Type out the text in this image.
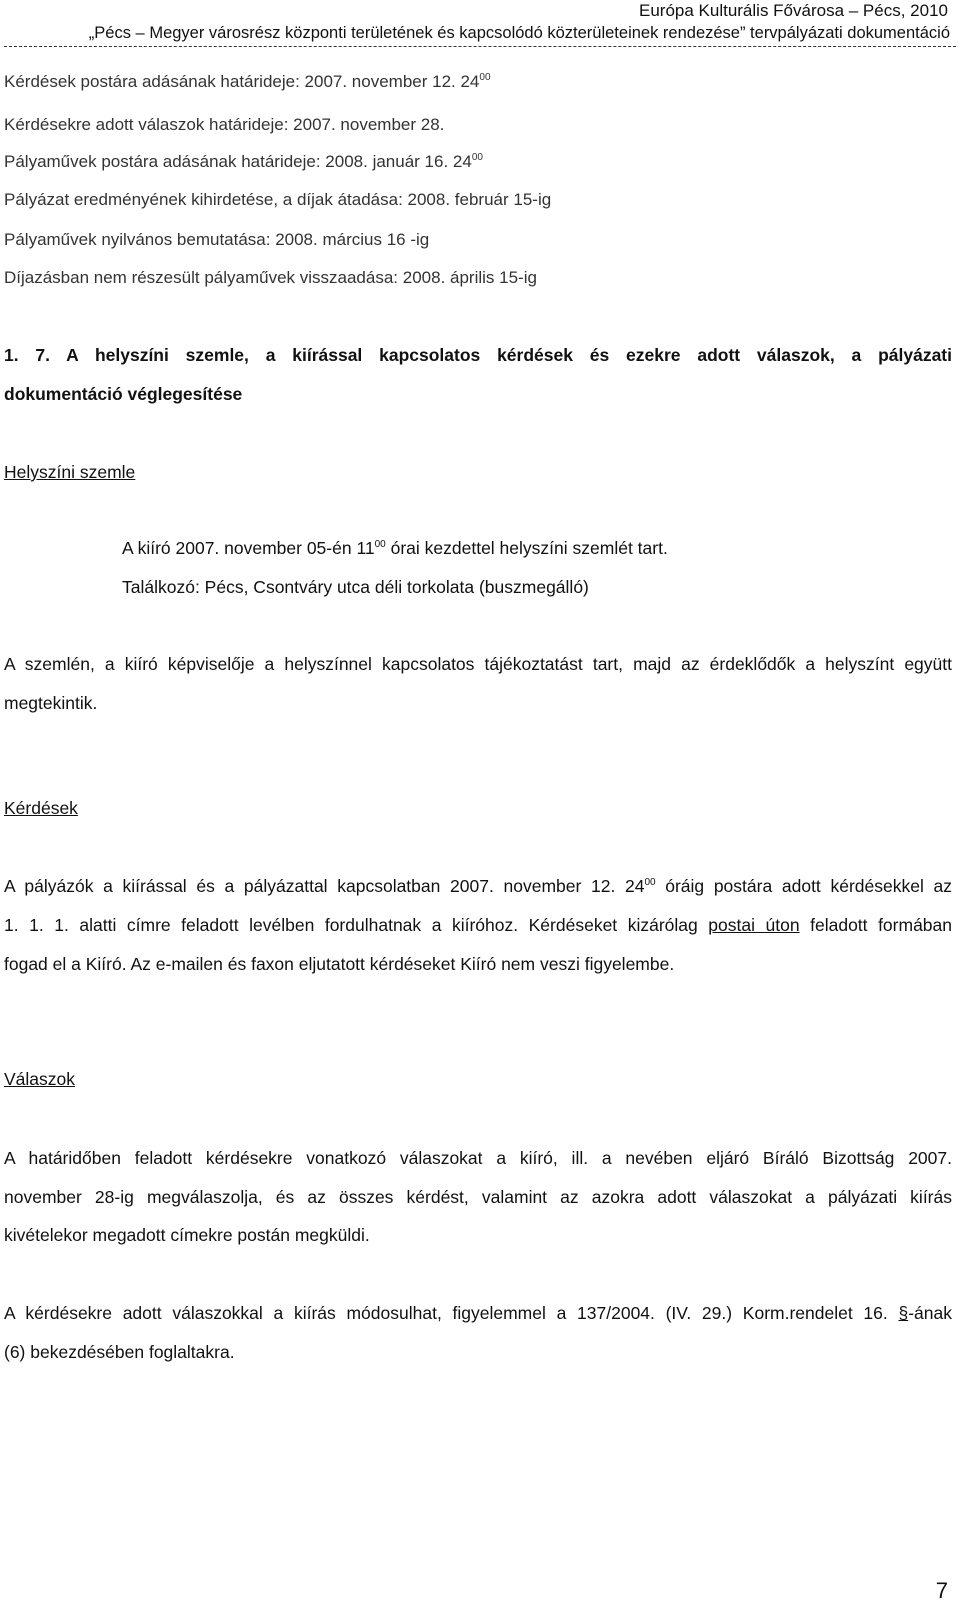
Európa Kulturális Fővárosa – Pécs, 2010
„Pécs – Megyer városrész központi területének és kapcsolódó közterületeinek rendezése” tervpályázati dokumentáció
Kérdések postára adásának határideje: 2007. november 12. $24^{00}$
Kérdésekre adott válaszok határideje: 2007. november 28.
Pályaművek postára adásának határideje: 2008. január 16. $24^{00}$
Pályázat eredményének kihirdetése, a díjak átadása: 2008. február 15-ig
Pályaművek nyilvános bemutatása: 2008. március 16 -ig
Díjazásban nem részesült pályaművek visszaadása: 2008. április 15-ig
1. 7. A helyszíni szemle, a kiírással kapcsolatos kérdések és ezekre adott válaszok, a pályázati
dokumentáció véglegesítése
Helyszíni szemle
A kiíró 2007. november 05-én $11^{00}$ órai kezdettel helyszíni szemlét tart.
Találkozó: Pécs, Csontváry utca déli torkolata (buszmegálló)
A szemlén, a kiíró képviselője a helyszínnel kapcsolatos tájékoztatást tart, majd az érdeklődők a helyszínt együtt
megtekintik.
Kérdések
A pályázók a kiírással és a pályázattal kapcsolatban 2007. november 12. $24^{00}$ óráig postára adott kérdésekkel az
1. 1. 1. alatti címre feladott levélben fordulhatnak a kiíróhoz. Kérdéseket kizárólag postai úton feladott formában
fogad el a Kiíró. Az e-mailen és faxon eljutatott kérdéseket Kiíró nem veszi figyelembe.
Válaszok
A határidőben feladott kérdésekre vonatkozó válaszokat a kiíró, ill. a nevében eljáró Bíráló Bizottság 2007.
november 28-ig megválaszolja, és az összes kérdést, valamint az azokra adott válaszokat a pályázati kiírás
kivételekor megadott címekre postán megküldi.
A kérdésekre adott válaszokkal a kiírás módosulhat, figyelemmel a 137/2004. (IV. 29.) Korm.rendelet 16. §-ának
(6) bekezdésében foglaltakra.
7
